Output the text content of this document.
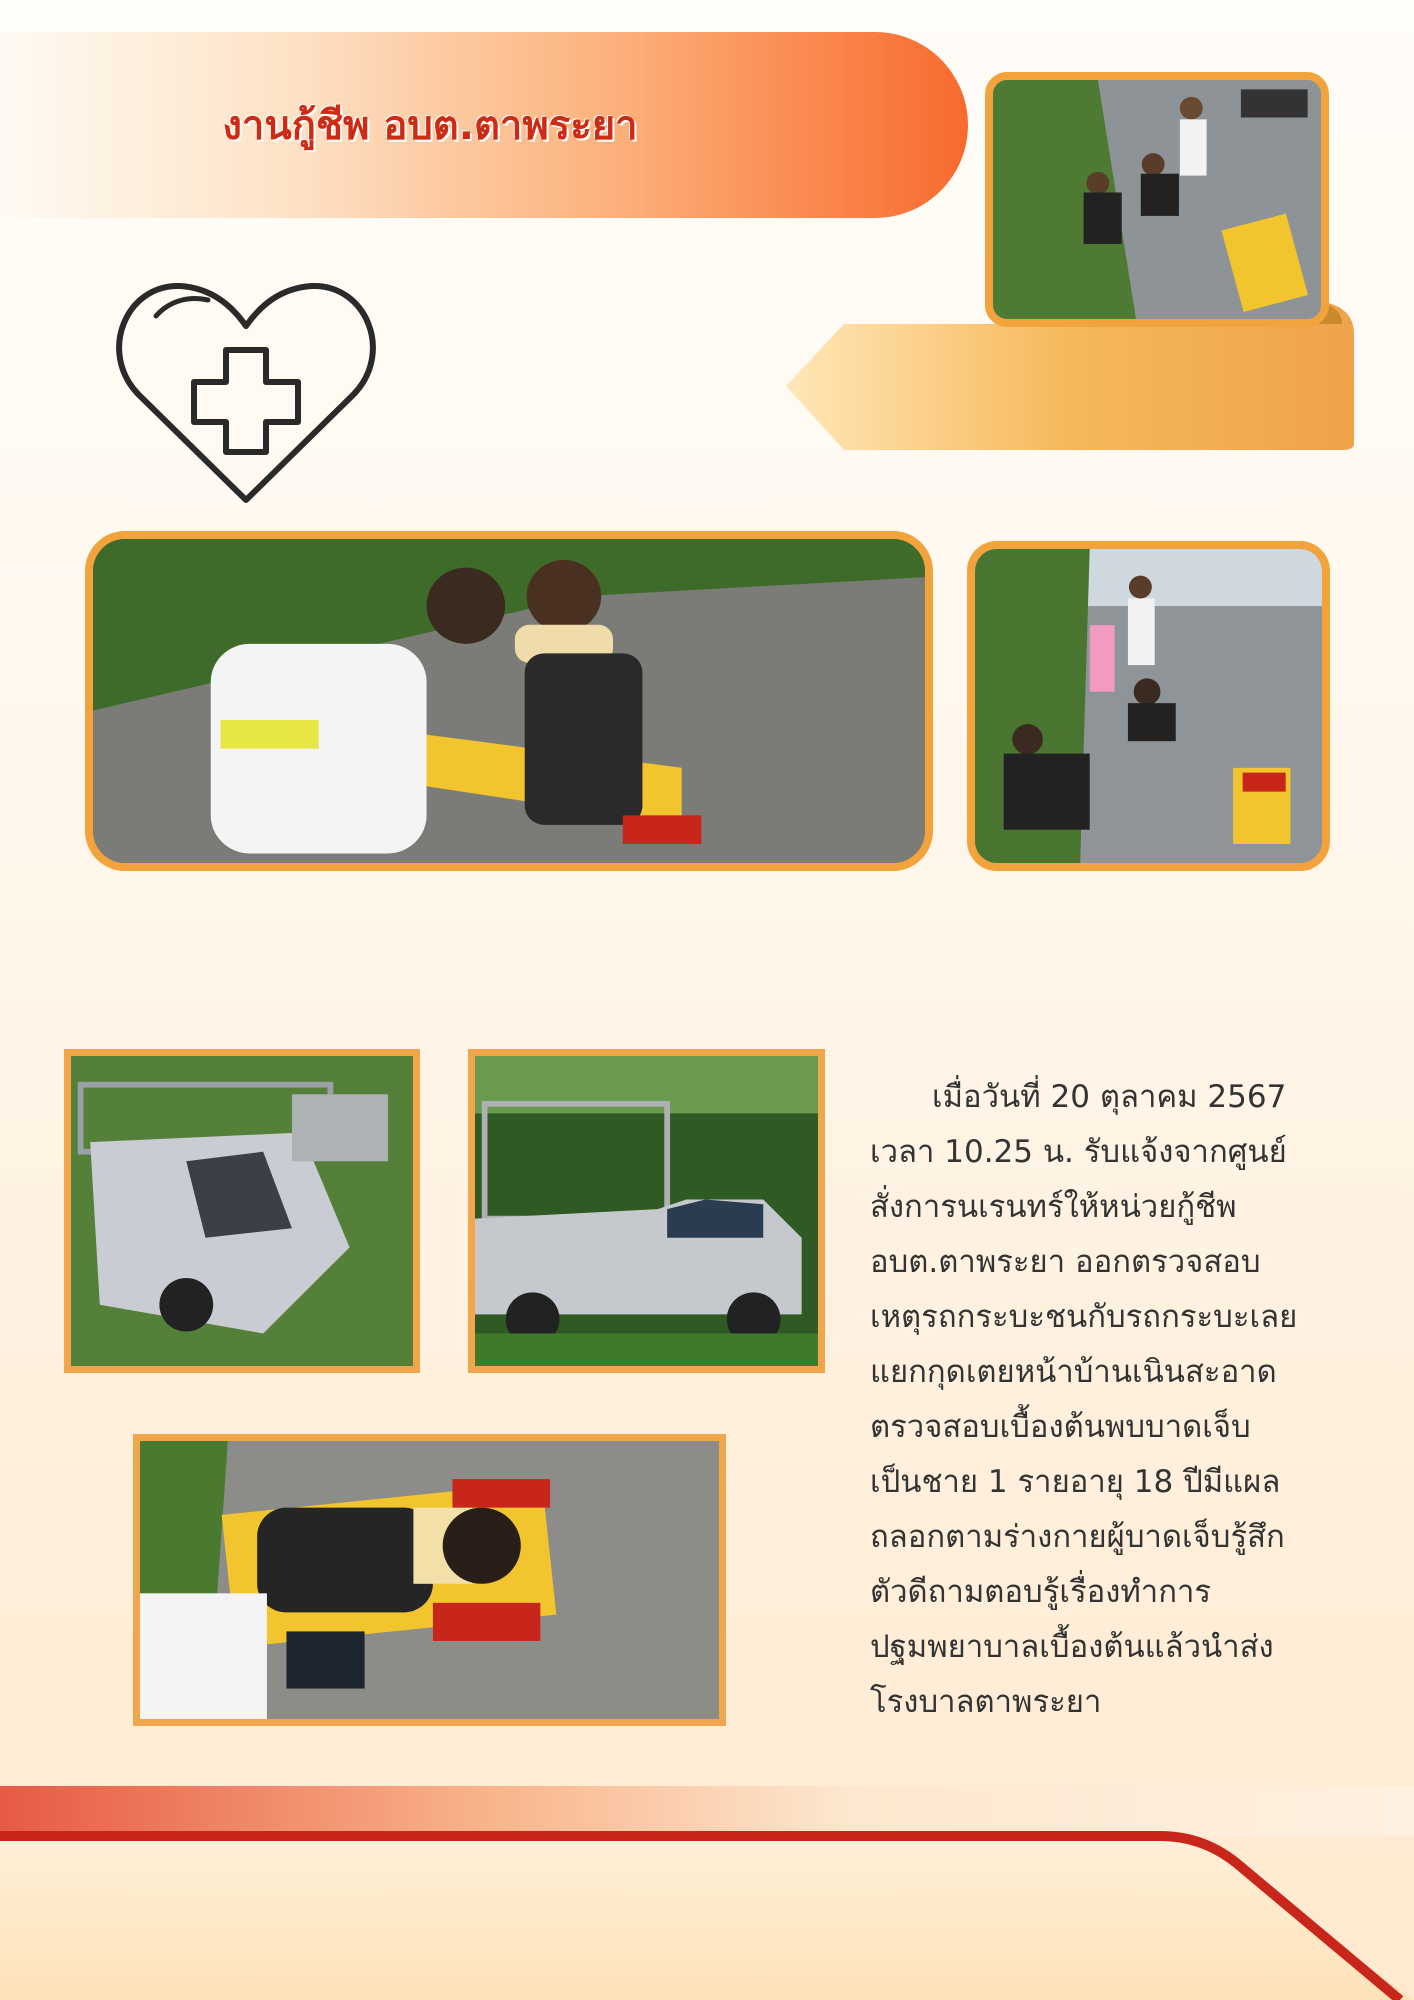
งานกู้ชีพ อบต.ตาพระยา

เมื่อวันที่ 20 ตุลาคม 2567

เวลา 10.25 น. รับแจ้งจากศูนย์

สั่งการนเรนทร์ให้หน่วยกู้ชีพ

อบต.ตาพระยา ออกตรวจสอบ

เหตุรถกระบะชนกับรถกระบะเลย

แยกกุดเตยหน้าบ้านเนินสะอาด

ตรวจสอบเบื้องต้นพบบาดเจ็บ

เป็นชาย 1 รายอายุ 18 ปีมีแผล

ถลอกตามร่างกายผู้บาดเจ็บรู้สึก

ตัวดีถามตอบรู้เรื่องทำการ

ปฐมพยาบาลเบื้องต้นแล้วนำส่ง

โรงบาลตาพระยา
